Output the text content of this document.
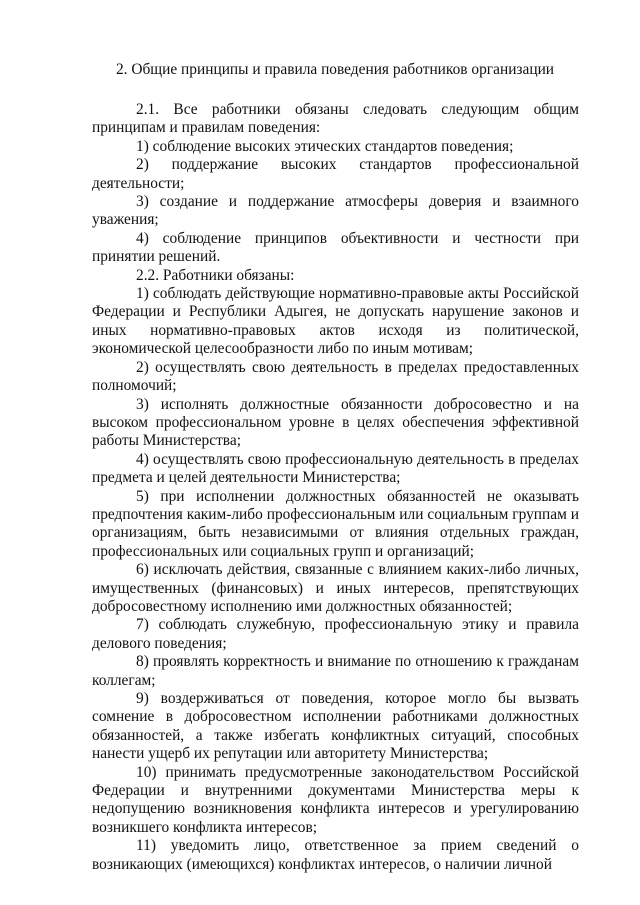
2. Общие принципы и правила поведения работников организации

2.1. Все работники обязаны следовать следующим общим принципам и правилам поведения:

1) соблюдение высоких этических стандартов поведения;

2) поддержание высоких стандартов профессиональной деятельности;

3) создание и поддержание атмосферы доверия и взаимного уважения;

4) соблюдение принципов объективности и честности при принятии решений.

2.2. Работники обязаны:

1) соблюдать действующие нормативно-правовые акты Российской Федерации и Республики Адыгея, не допускать нарушение законов и иных нормативно-правовых актов исходя из политической, экономической целесообразности либо по иным мотивам;

2) осуществлять свою деятельность в пределах предоставленных полномочий;

3) исполнять должностные обязанности добросовестно и на высоком профессиональном уровне в целях обеспечения эффективной работы Министерства;

4) осуществлять свою профессиональную деятельность в пределах предмета и целей деятельности Министерства;

5) при исполнении должностных обязанностей не оказывать предпочтения каким-либо профессиональным или социальным группам и организациям, быть независимыми от влияния отдельных граждан, профессиональных или социальных групп и организаций;

6) исключать действия, связанные с влиянием каких-либо личных, имущественных (финансовых) и иных интересов, препятствующих добросовестному исполнению ими должностных обязанностей;

7) соблюдать служебную, профессиональную этику и правила делового поведения;

8) проявлять корректность и внимание по отношению к гражданам коллегам;

9) воздерживаться от поведения, которое могло бы вызвать сомнение в добросовестном исполнении работниками должностных обязанностей, а также избегать конфликтных ситуаций, способных нанести ущерб их репутации или авторитету Министерства;

10) принимать предусмотренные законодательством Российской Федерации и внутренними документами Министерства меры к недопущению возникновения конфликта интересов и урегулированию возникшего конфликта интересов;

11) уведомить лицо, ответственное за прием сведений о возникающих (имеющихся) конфликтах интересов, о наличии личной
